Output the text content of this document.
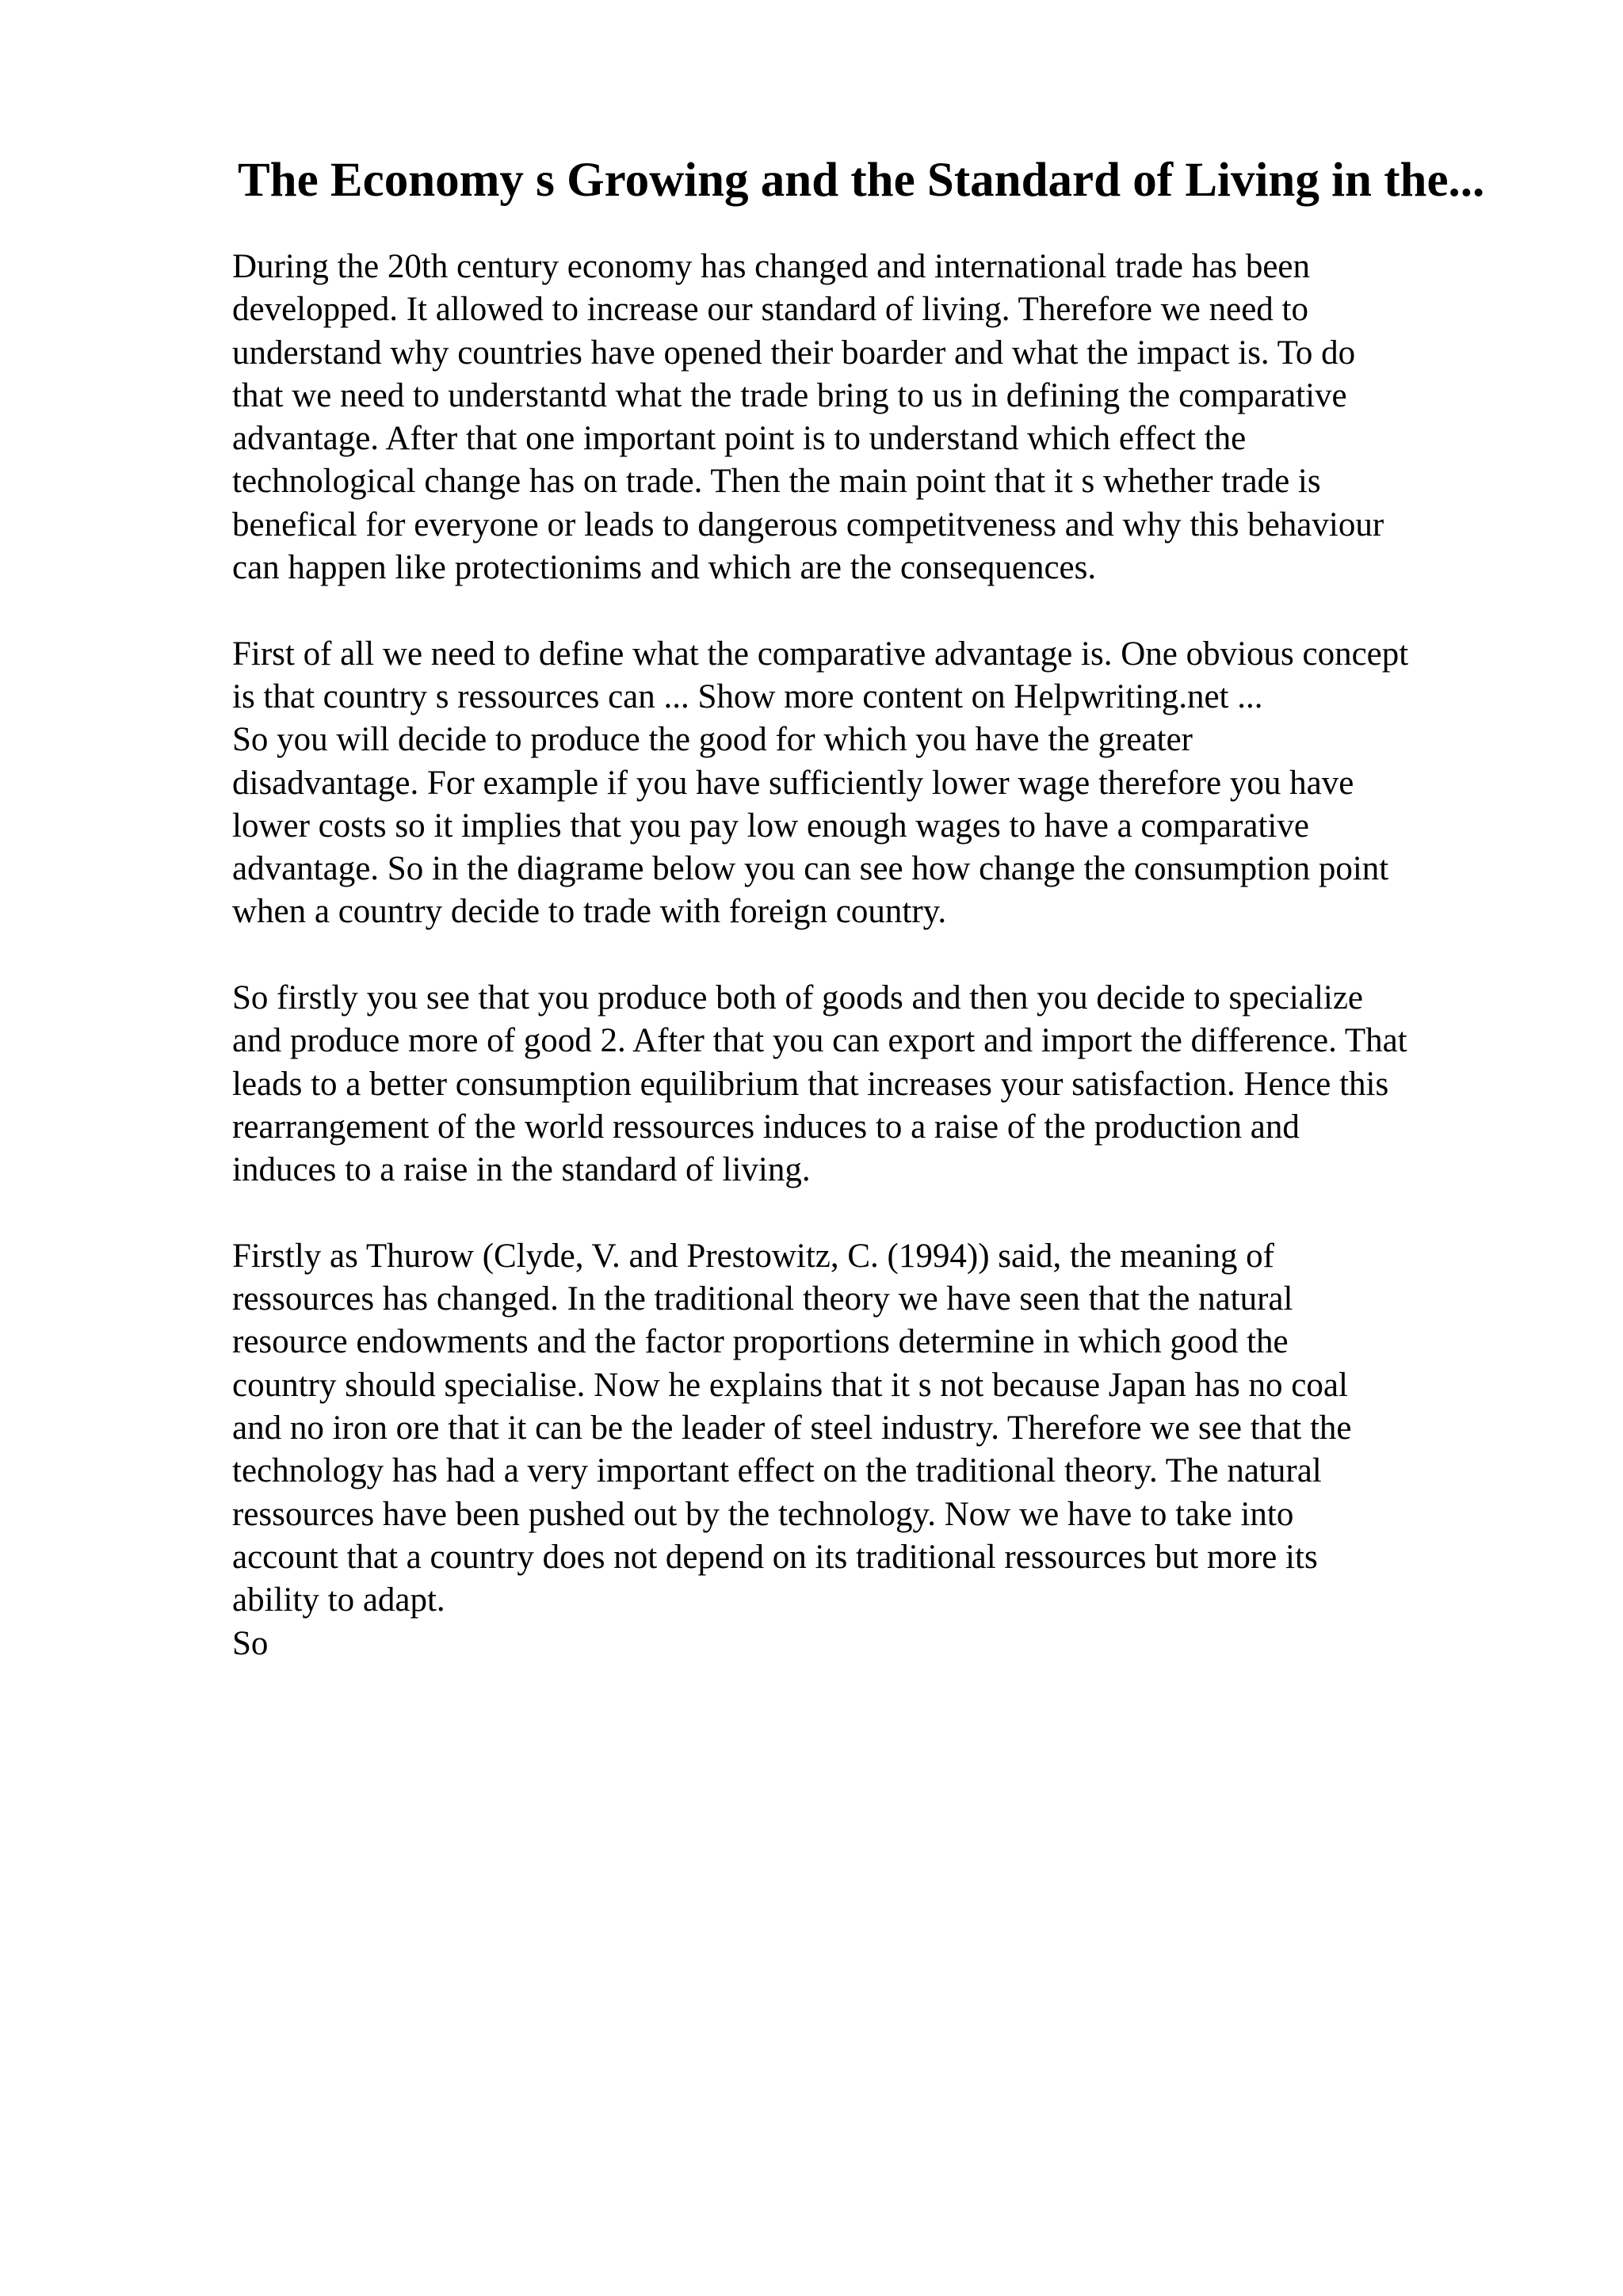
The Economy s Growing and the Standard of Living in the...

During the 20th century economy has changed and international trade has been
developped. It allowed to increase our standard of living. Therefore we need to
understand why countries have opened their boarder and what the impact is. To do
that we need to understantd what the trade bring to us in defining the comparative
advantage. After that one important point is to understand which effect the
technological change has on trade. Then the main point that it s whether trade is
benefical for everyone or leads to dangerous competitveness and why this behaviour
can happen like protectionims and which are the consequences.

First of all we need to define what the comparative advantage is. One obvious concept
is that country s ressources can ... Show more content on Helpwriting.net ...
So you will decide to produce the good for which you have the greater
disadvantage. For example if you have sufficiently lower wage therefore you have
lower costs so it implies that you pay low enough wages to have a comparative
advantage. So in the diagrame below you can see how change the consumption point
when a country decide to trade with foreign country.

So firstly you see that you produce both of goods and then you decide to specialize
and produce more of good 2. After that you can export and import the difference. That
leads to a better consumption equilibrium that increases your satisfaction. Hence this
rearrangement of the world ressources induces to a raise of the production and
induces to a raise in the standard of living.

Firstly as Thurow (Clyde, V. and Prestowitz, C. (1994)) said, the meaning of
ressources has changed. In the traditional theory we have seen that the natural
resource endowments and the factor proportions determine in which good the
country should specialise. Now he explains that it s not because Japan has no coal
and no iron ore that it can be the leader of steel industry. Therefore we see that the
technology has had a very important effect on the traditional theory. The natural
ressources have been pushed out by the technology. Now we have to take into
account that a country does not depend on its traditional ressources but more its
ability to adapt.
So
